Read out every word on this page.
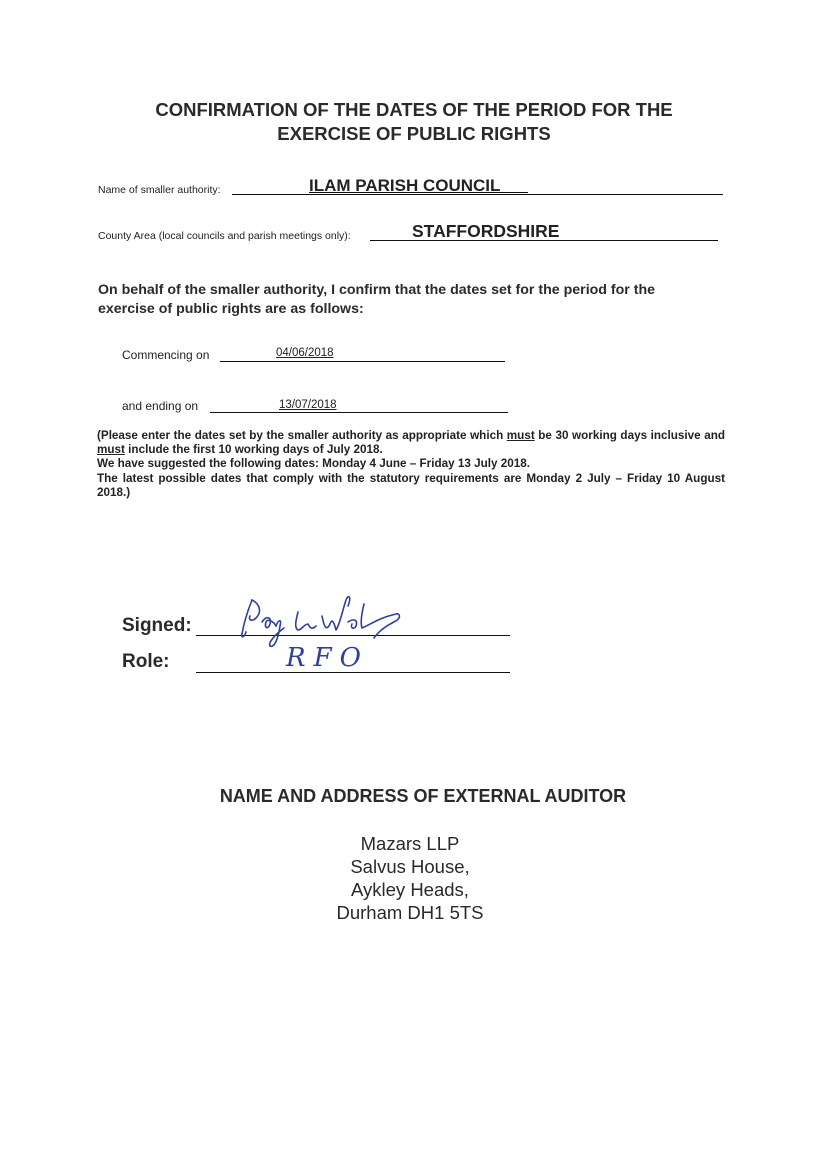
CONFIRMATION OF THE DATES OF THE PERIOD FOR THE
EXERCISE OF PUBLIC RIGHTS
Name of smaller authority:	ILAM PARISH COUNCIL
County Area (local councils and parish meetings only):	STAFFORDSHIRE
On behalf of the smaller authority, I confirm that the dates set for the period for the exercise of public rights are as follows:
Commencing on	04/06/2018
and ending on	13/07/2018

(Please enter the dates set by the smaller authority as appropriate which must be 30 working days inclusive and must include the first 10 working days of July 2018.

We have suggested the following dates: Monday 4 June – Friday 13 July 2018.

The latest possible dates that comply with the statutory requirements are Monday 2 July – Friday 10 August 2018.)

Signed:
Role:	RFO
NAME AND ADDRESS OF EXTERNAL AUDITOR
Mazars LLP
Salvus House,
Aykley Heads,
Durham DH1 5TS
